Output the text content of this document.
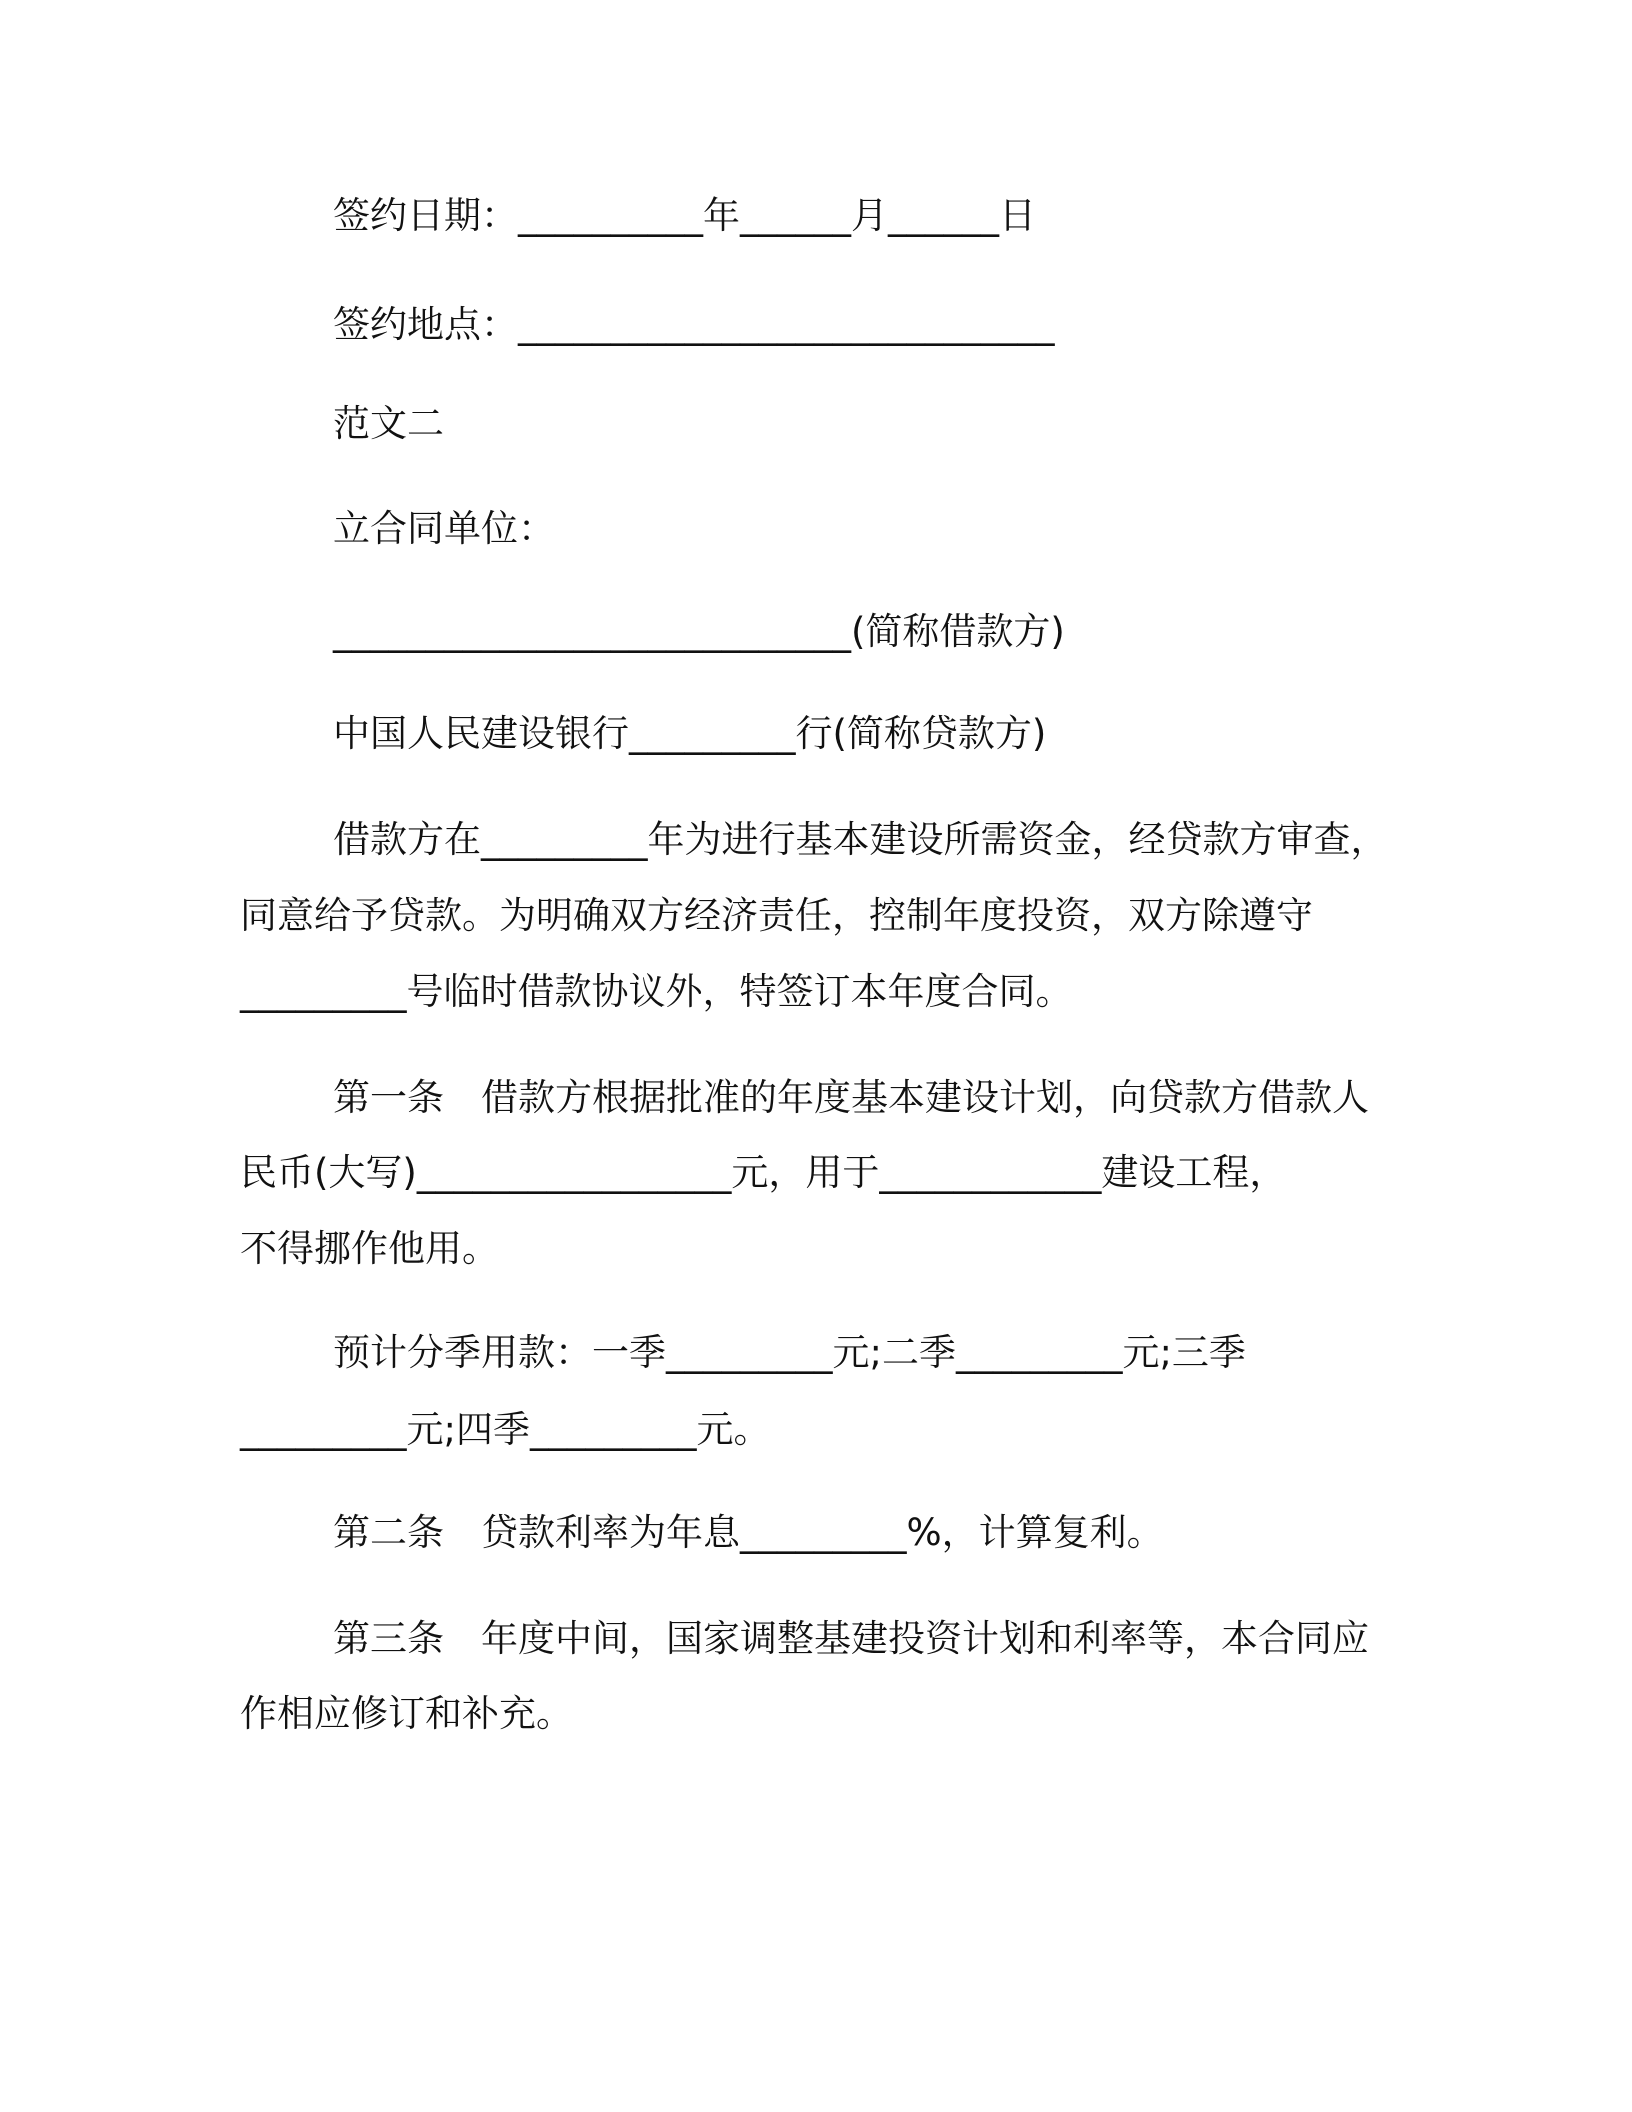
签约日期：__________年______月______日
签约地点：_____________________________
范文二
立合同单位：
____________________________(简称借款方)
中国人民建设银行_________行(简称贷款方)
借款方在_________年为进行基本建设所需资金，经贷款方审查，
同意给予贷款。为明确双方经济责任，控制年度投资，双方除遵守
_________号临时借款协议外，特签订本年度合同。
第一条　借款方根据批准的年度基本建设计划，向贷款方借款人
民币(大写)_________________元，用于____________建设工程，
不得挪作他用。
预计分季用款：一季_________元;二季_________元;三季
_________元;四季_________元。
第二条　贷款利率为年息_________%，计算复利。
第三条　年度中间，国家调整基建投资计划和利率等，本合同应
作相应修订和补充。
